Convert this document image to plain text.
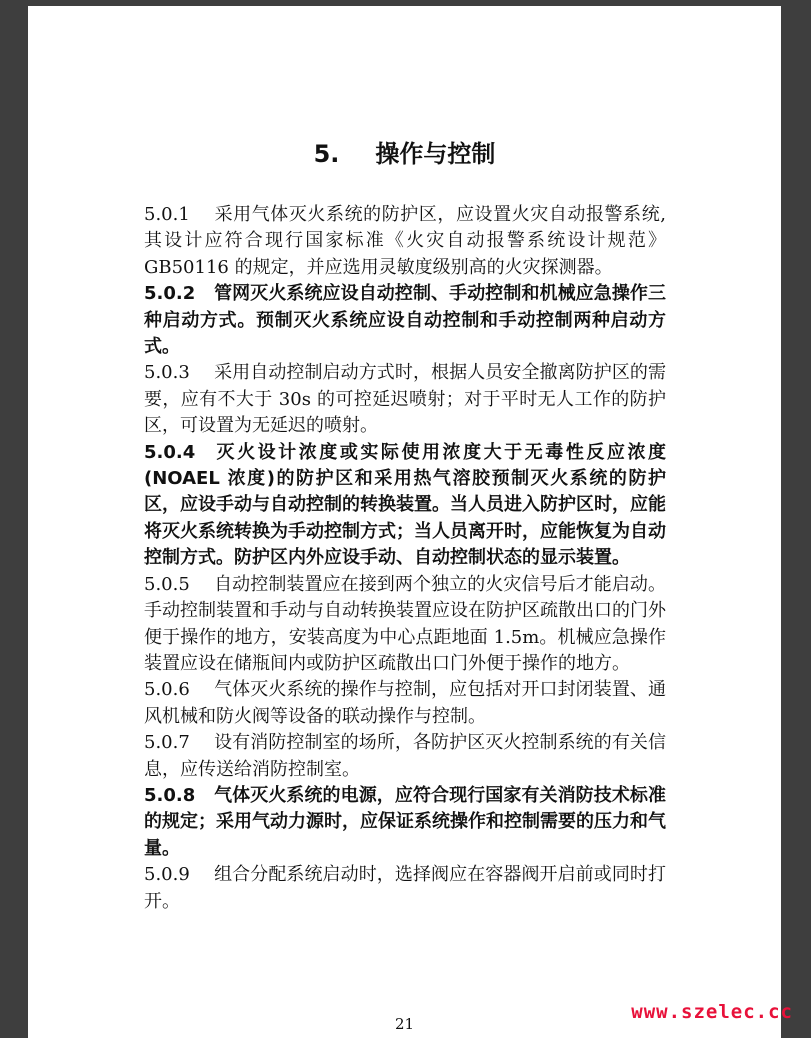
5. 操作与控制

5.0.1 采用气体灭火系统的防护区，应设置火灾自动报警系统,其设计应符合现行国家标准《火灾自动报警系统设计规范》GB50116 的规定，并应选用灵敏度级别高的火灾探测器。

5.0.2 管网灭火系统应设自动控制、手动控制和机械应急操作三种启动方式。预制灭火系统应设自动控制和手动控制两种启动方式。

5.0.3 采用自动控制启动方式时，根据人员安全撤离防护区的需要，应有不大于 30s 的可控延迟喷射；对于平时无人工作的防护区，可设置为无延迟的喷射。

5.0.4 灭火设计浓度或实际使用浓度大于无毒性反应浓度(NOAEL 浓度)的防护区和采用热气溶胶预制灭火系统的防护区，应设手动与自动控制的转换装置。当人员进入防护区时，应能将灭火系统转换为手动控制方式；当人员离开时，应能恢复为自动控制方式。防护区内外应设手动、自动控制状态的显示装置。

5.0.5 自动控制装置应在接到两个独立的火灾信号后才能启动。手动控制装置和手动与自动转换装置应设在防护区疏散出口的门外便于操作的地方，安装高度为中心点距地面 1.5m。机械应急操作装置应设在储瓶间内或防护区疏散出口门外便于操作的地方。

5.0.6 气体灭火系统的操作与控制，应包括对开口封闭装置、通风机械和防火阀等设备的联动操作与控制。

5.0.7 设有消防控制室的场所，各防护区灭火控制系统的有关信息，应传送给消防控制室。

5.0.8 气体灭火系统的电源，应符合现行国家有关消防技术标准的规定；采用气动力源时，应保证系统操作和控制需要的压力和气量。

5.0.9 组合分配系统启动时，选择阀应在容器阀开启前或同时打开。

21
www.szelec.cc
